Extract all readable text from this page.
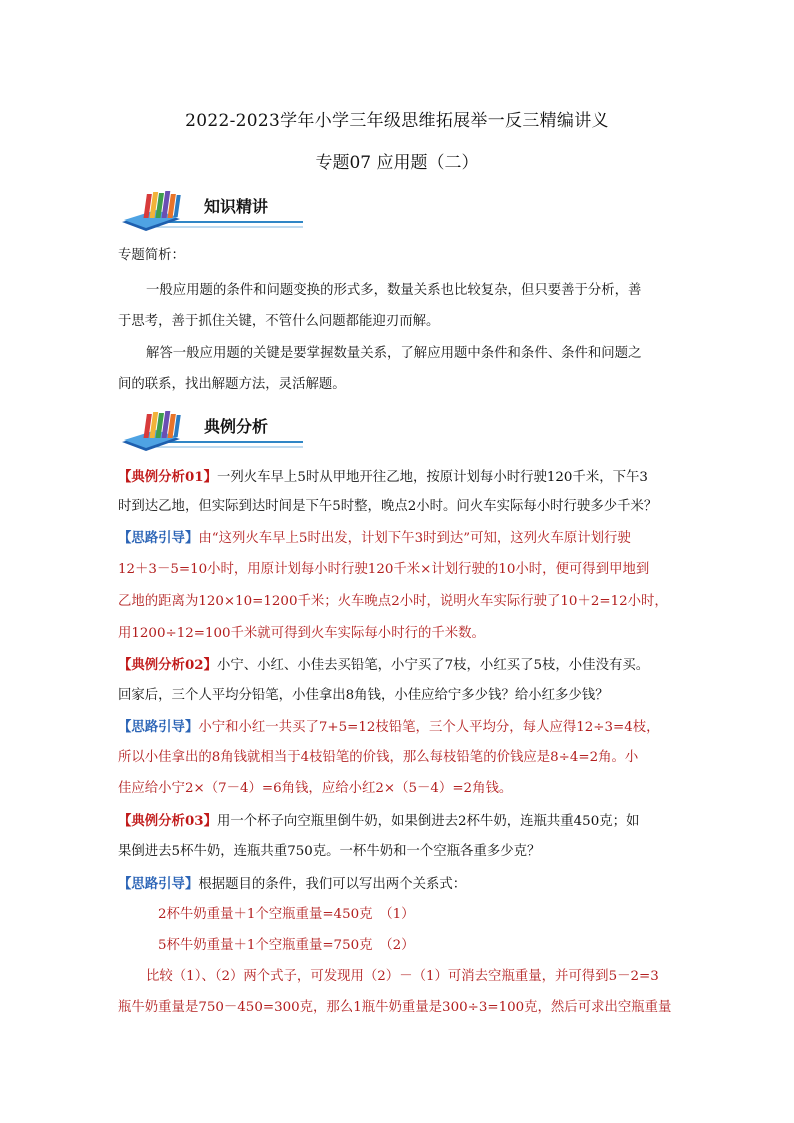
2022-2023学年小学三年级思维拓展举一反三精编讲义
专题07 应用题（二）
知识精讲
专题简析：
一般应用题的条件和问题变换的形式多，数量关系也比较复杂，但只要善于分析，善
于思考，善于抓住关键，不管什么问题都能迎刃而解。
解答一般应用题的关键是要掌握数量关系，了解应用题中条件和条件、条件和问题之
间的联系，找出解题方法，灵活解题。
典例分析
【典例分析01】一列火车早上5时从甲地开往乙地，按原计划每小时行驶120千米，下午3
时到达乙地，但实际到达时间是下午5时整，晚点2小时。问火车实际每小时行驶多少千米？
【思路引导】由“这列火车早上5时出发，计划下午3时到达”可知，这列火车原计划行驶
12＋3－5=10小时，用原计划每小时行驶120千米×计划行驶的10小时，便可得到甲地到
乙地的距离为120×10=1200千米；火车晚点2小时，说明火车实际行驶了10＋2=12小时，
用1200÷12=100千米就可得到火车实际每小时行的千米数。
【典例分析02】小宁、小红、小佳去买铅笔，小宁买了7枝，小红买了5枝，小佳没有买。
回家后，三个人平均分铅笔，小佳拿出8角钱，小佳应给宁多少钱？给小红多少钱？
【思路引导】小宁和小红一共买了7+5=12枝铅笔，三个人平均分，每人应得12÷3=4枝，
所以小佳拿出的8角钱就相当于4枝铅笔的价钱，那么每枝铅笔的价钱应是8÷4=2角。小
佳应给小宁2×（7－4）=6角钱，应给小红2×（5－4）=2角钱。
【典例分析03】用一个杯子向空瓶里倒牛奶，如果倒进去2杯牛奶，连瓶共重450克；如
果倒进去5杯牛奶，连瓶共重750克。一杯牛奶和一个空瓶各重多少克？
【思路引导】根据题目的条件，我们可以写出两个关系式：
2杯牛奶重量＋1个空瓶重量=450克　（1）
5杯牛奶重量＋1个空瓶重量=750克　（2）
比较（1）、（2）两个式子，可发现用（2）－（1）可消去空瓶重量，并可得到5－2=3
瓶牛奶重量是750－450=300克，那么1瓶牛奶重量是300÷3=100克，然后可求出空瓶重量
